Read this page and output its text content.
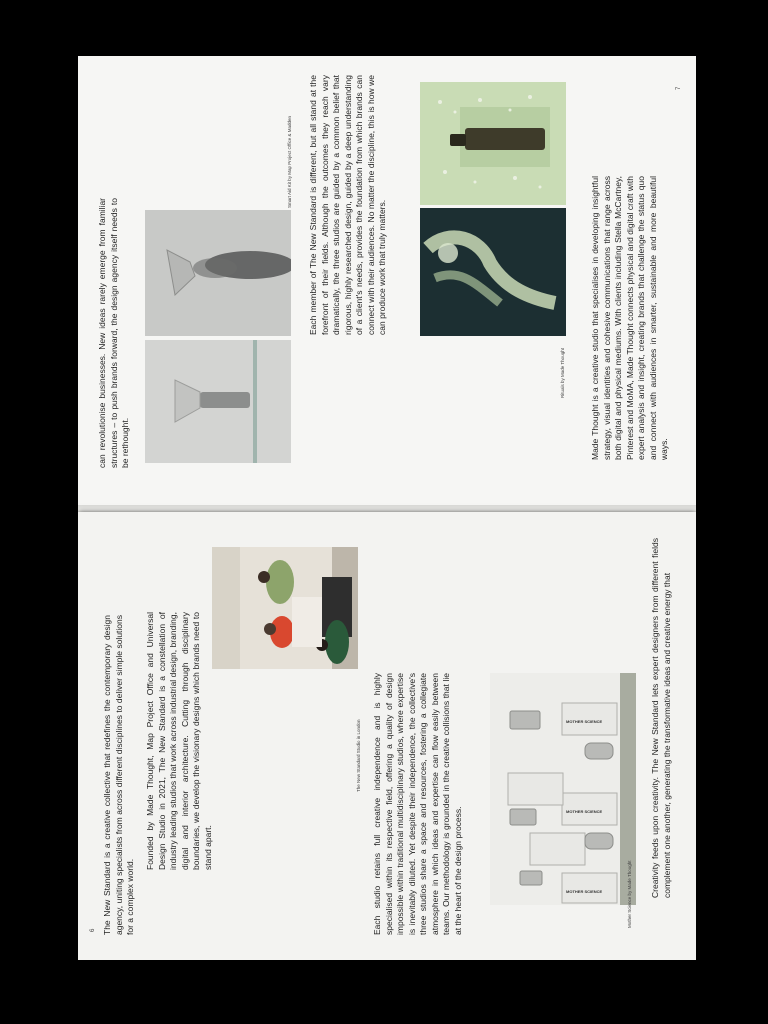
can revolutionise businesses. New ideas rarely emerge from familiar structures – to push brands forward, the design agency itself needs to be rethought.
Smart Aid Kit by Map Project Office & Madden Each member of The New Standard is different, but all stand at the forefront of their fields. Although the outcomes they reach vary dramatically, the three studios are guided by a common belief that rigorous, highly researched design, guided by a deep understanding of a client's needs, provides the foundation from which brands can connect with their audiences. No matter the discipline, this is how we can produce work that truly matters.
Rituals by Made Thought	Made Thought is a creative studio that specialises in developing insightful strategy, visual identities and cohesive communications that range across both digital and physical mediums. With clients including Stella McCartney, Pinterest and MoMA, Made Thought connects physical and digital craft with expert analysis and insight, creating brands that challenge the status quo and connect with audiences in smarter, sustainable and more beautiful ways.
7
The New Standard is a creative collective that redefines the contemporary design agency, uniting specialists from across different disciplines to deliver simple solutions for a complex world.
Founded by Made Thought, Map Project Office and Universal Design Studio in 2021, The New Standard is a constellation of industry leading studios that work across industrial design, branding, digital and interior architecture. Cutting through disciplinary boundaries, we develop the visionary designs which brands need to stand apart.
The New Standard Studio in London Each studio retains full creative independence and is highly specialised within its respective field, offering a quality of design impossible within traditional multidisciplinary studios, where expertise is inevitably diluted. Yet despite their independence, the collective's three studios share a space and resources, fostering a collegiate atmosphere in which ideas and expertise can flow easily between teams. Our methodology is grounded in the creative collisions that lie at the heart of the design process.
MOTHER SCIENCE
MOTHER SCIENCE
MOTHER SCIENCE	Mother Science by Made Thought Creativity feeds upon creativity. The New Standard lets expert designers from different fields complement one another, generating the transformative ideas and creative energy that
6
